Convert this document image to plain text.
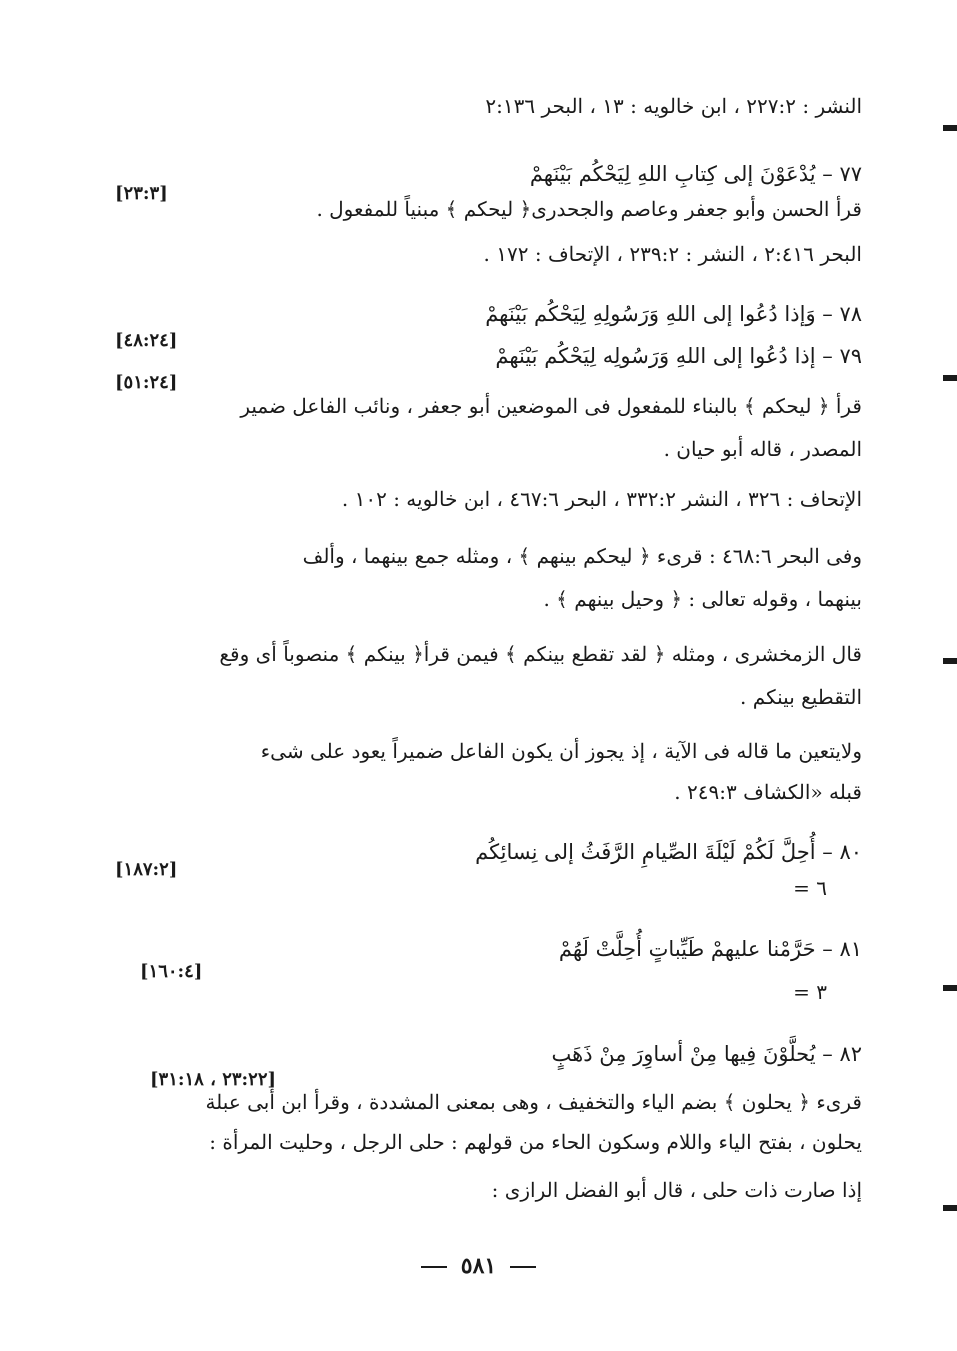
النشر : ٢٢٧:٢ ، ابن خالويه : ١٣ ، البحر ٢:١٣٦
٧٧ – يُدْعَوْنَ إلى كِتابِ اللهِ لِيَحْكُم بَيْنَهمْ
[٢٣:٣]
قرأ الحسن وأبو جعفر وعاصم والجحدرى﴿ ليحكم ﴾ مبنياً للمفعول .
البحر ٢:٤١٦ ، النشر : ٢٣٩:٢ ، الإتحاف : ١٧٢ .
٧٨ – وَإذا دُعُوا إلى اللهِ وَرَسُولِهِ لِيَحْكُم بَيْنَهمْ
[٤٨:٢٤]
٧٩ – إذا دُعُوا إلى اللهِ وَرَسُولِه لِيَحْكُم بَيْنَهمْ
[٥١:٢٤]
قرأ ﴿ ليحكم ﴾ بالبناء للمفعول فى الموضعين أبو جعفر ، ونائب الفاعل ضمير
المصدر ، قاله أبو حيان .
الإتحاف : ٣٢٦ ، النشر ٣٣٢:٢ ، البحر ٤٦٧:٦ ، ابن خالويه : ١٠٢ .
وفى البحر ٤٦٨:٦ : قرىء ﴿ ليحكم بينهم ﴾ ، ومثله جمع بينهما ، وألف
بينهما ، وقوله تعالى : ﴿ وحيل بينهم ﴾ .
قال الزمخشرى ، ومثله ﴿ لقد تقطع بينكم ﴾ فيمن قرأ﴿ بينكم ﴾ منصوباً أى وقع
التقطيع بينكم .
ولايتعين ما قاله فى الآية ، إذ يجوز أن يكون الفاعل ضميراً يعود على شىء
قبله «الكشاف ٢٤٩:٣ .
٨٠ – أُحِلَّ لَكُمْ لَيْلَةَ الصِّيامِ الرَّفَثُ إلى نِسائِكُم
[١٨٧:٢]
= ٦
٨١ – حَرَّمْنا عليهمْ طَيِّباتٍ أُحِلَّتْ لَهُمْ
[١٦٠:٤]
= ٣
٨٢ – يُحلَّوْنَ فِيها مِنْ أساوِرَ مِنْ ذَهَبٍ
[٢٣:٢٢ ، ٣١:١٨]
قرىء ﴿ يحلون ﴾ بضم الياء والتخفيف ، وهى بمعنى المشددة ، وقرأ ابن أبى عبلة
يحلون ، بفتح الياء واللام وسكون الحاء من قولهم : حلى الرجل ، وحليت المرأة :
إذا صارت ذات حلى ، قال أبو الفضل الرازى :
٥٨١
